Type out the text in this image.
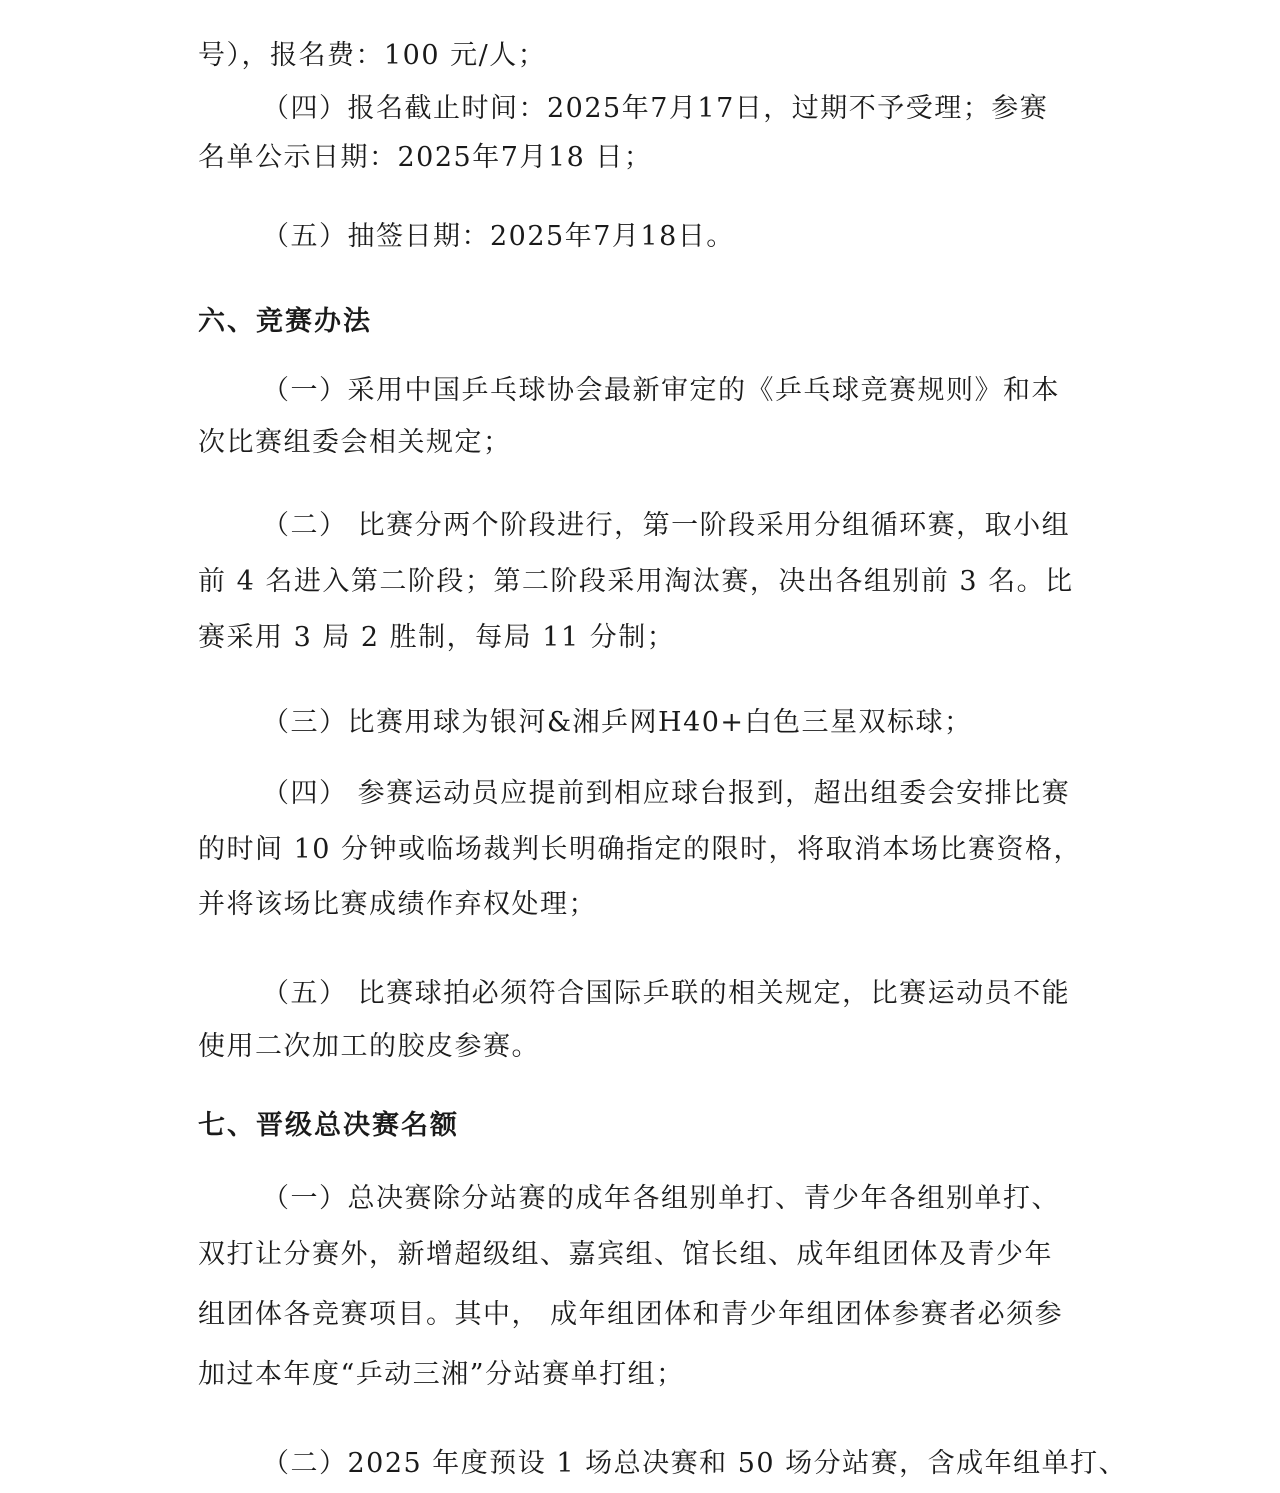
号），报名费：100 元/人；
（四）报名截止时间：2025年7月17日，过期不予受理；参赛
名单公示日期：2025年7月18 日；
（五）抽签日期：2025年7月18日。
六、竞赛办法
（一）采用中国乒乓球协会最新审定的《乒乓球竞赛规则》和本
次比赛组委会相关规定；
（二） 比赛分两个阶段进行，第一阶段采用分组循环赛，取小组
前 4 名进入第二阶段；第二阶段采用淘汰赛，决出各组别前 3 名。比
赛采用 3 局 2 胜制，每局 11 分制；
（三）比赛用球为银河&湘乒网H40+白色三星双标球；
（四） 参赛运动员应提前到相应球台报到，超出组委会安排比赛
的时间 10 分钟或临场裁判长明确指定的限时，将取消本场比赛资格，
并将该场比赛成绩作弃权处理；
（五） 比赛球拍必须符合国际乒联的相关规定，比赛运动员不能
使用二次加工的胶皮参赛。
七、晋级总决赛名额
（一）总决赛除分站赛的成年各组别单打、青少年各组别单打、
双打让分赛外，新增超级组、嘉宾组、馆长组、成年组团体及青少年
组团体各竞赛项目。其中， 成年组团体和青少年组团体参赛者必须参
加过本年度“乒动三湘”分站赛单打组；
（二）2025 年度预设 1 场总决赛和 50 场分站赛，含成年组单打、
